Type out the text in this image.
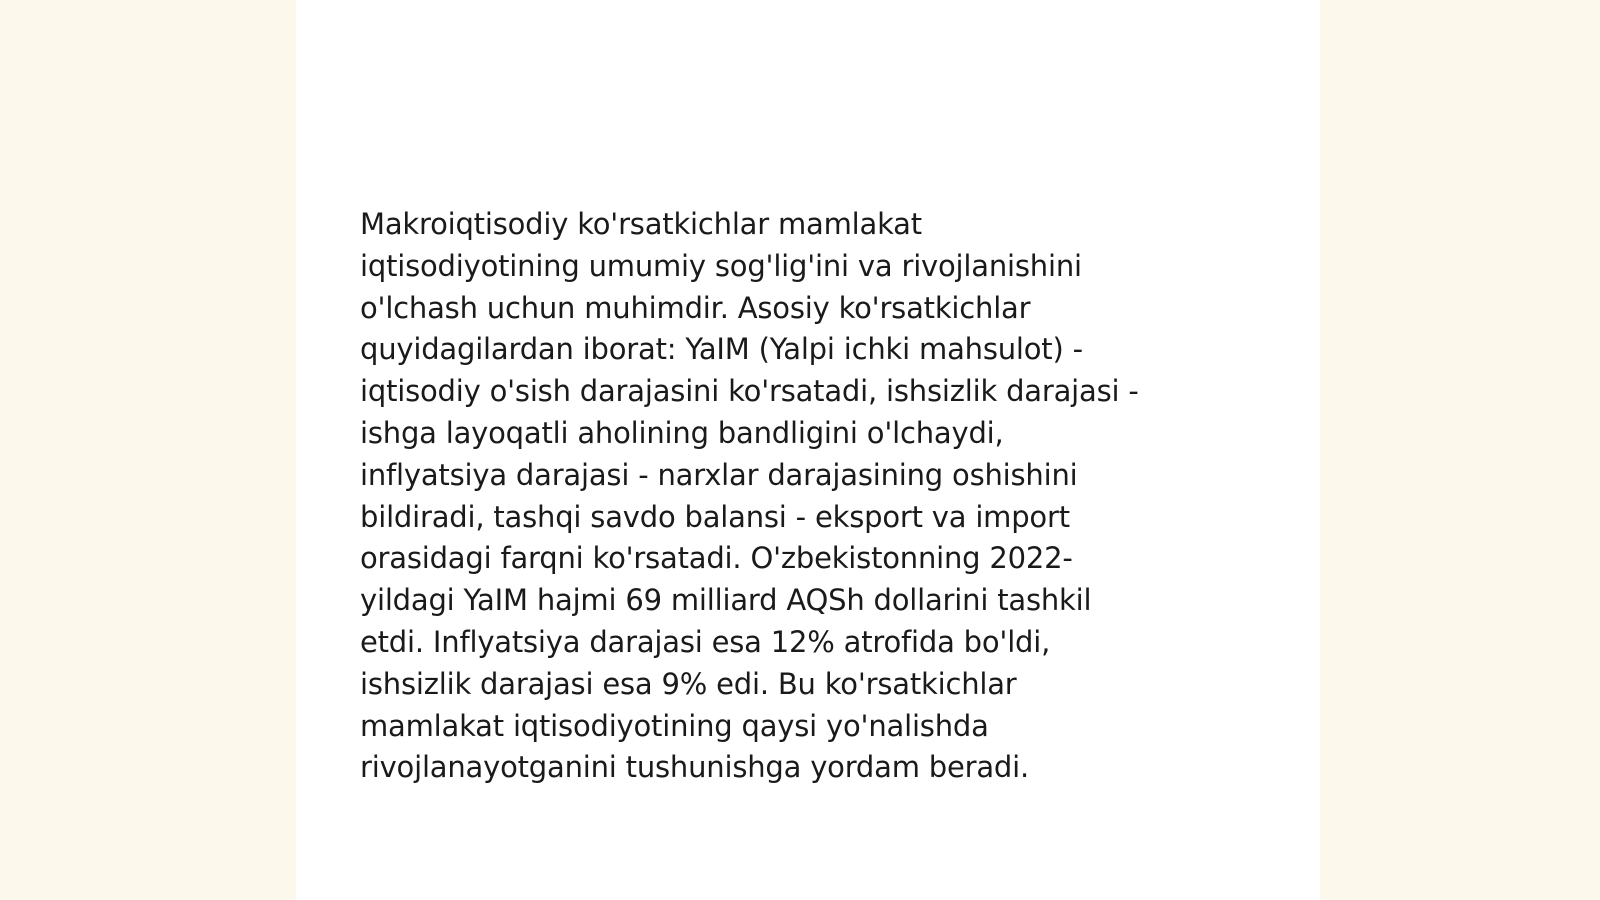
Makroiqtisodiy ko'rsatkichlar mamlakat
iqtisodiyotining umumiy sog'lig'ini va rivojlanishini
o'lchash uchun muhimdir. Asosiy ko'rsatkichlar
quyidagilardan iborat: YaIM (Yalpi ichki mahsulot) -
iqtisodiy o'sish darajasini ko'rsatadi, ishsizlik darajasi -
ishga layoqatli aholining bandligini o'lchaydi,
inflyatsiya darajasi - narxlar darajasining oshishini
bildiradi, tashqi savdo balansi - eksport va import
orasidagi farqni ko'rsatadi. O'zbekistonning 2022-
yildagi YaIM hajmi 69 milliard AQSh dollarini tashkil
etdi. Inflyatsiya darajasi esa 12% atrofida bo'ldi,
ishsizlik darajasi esa 9% edi. Bu ko'rsatkichlar
mamlakat iqtisodiyotining qaysi yo'nalishda
rivojlanayotganini tushunishga yordam beradi.
